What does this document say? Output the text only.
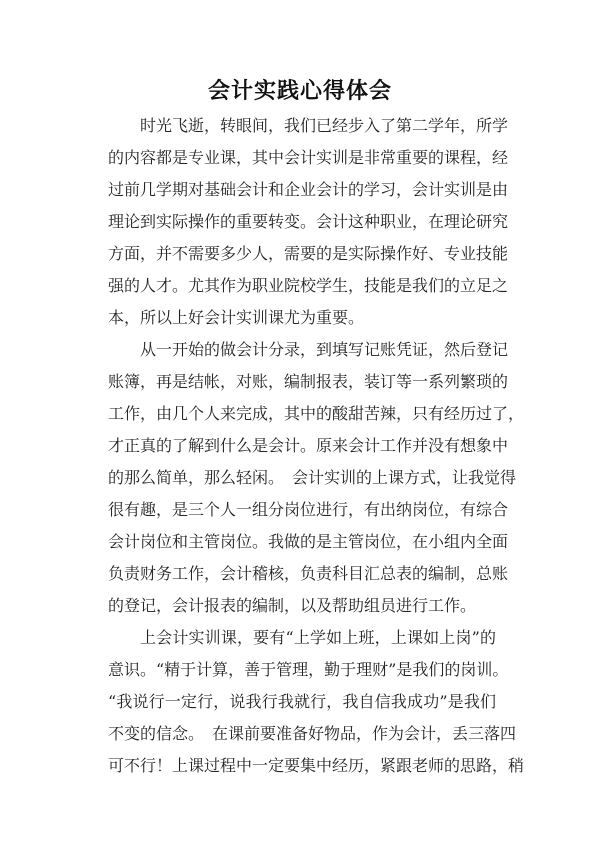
会计实践心得体会
时光飞逝，转眼间，我们已经步入了第二学年，所学
的内容都是专业课，其中会计实训是非常重要的课程，经
过前几学期对基础会计和企业会计的学习，会计实训是由
理论到实际操作的重要转变。会计这种职业，在理论研究
方面，并不需要多少人，需要的是实际操作好、专业技能
强的人才。尤其作为职业院校学生，技能是我们的立足之
本，所以上好会计实训课尤为重要。
从一开始的做会计分录，到填写记账凭证，然后登记
账簿，再是结帐，对账，编制报表，装订等一系列繁琐的
工作，由几个人来完成，其中的酸甜苦辣，只有经历过了，
才正真的了解到什么是会计。原来会计工作并没有想象中
的那么简单，那么轻闲。　会计实训的上课方式，让我觉得
很有趣，是三个人一组分岗位进行，有出纳岗位，有综合
会计岗位和主管岗位。我做的是主管岗位，在小组内全面
负责财务工作，会计稽核，负责科目汇总表的编制，总账
的登记，会计报表的编制，以及帮助组员进行工作。
上会计实训课，要有“上学如上班，上课如上岗”的
意识。“精于计算，善于管理，勤于理财”是我们的岗训。
“我说行一定行，说我行我就行，我自信我成功”是我们
不变的信念。　在课前要准备好物品，作为会计，丢三落四
可不行！上课过程中一定要集中经历，紧跟老师的思路，稍
